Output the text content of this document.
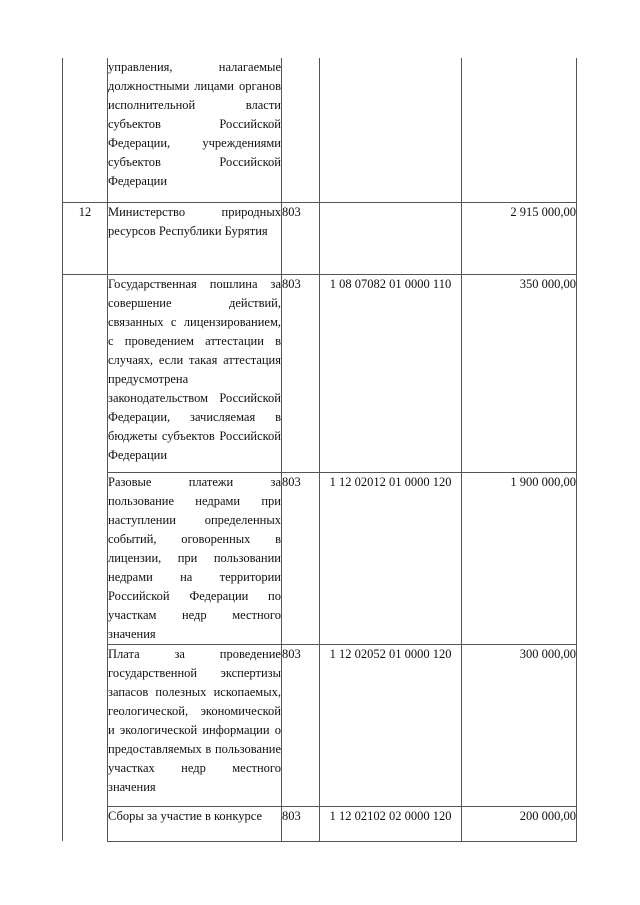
	управления, налагаемые должностными лицами органов исполнительной власти субъектов Российской Федерации, учреждениями субъектов Российской Федерации			
12	Министерство природных ресурсов Республики Бурятия	803		2 915 000,00
	Государственная пошлина за совершение действий, связанных с лицензированием, с проведением аттестации в случаях, если такая аттестация предусмотрена законодательством Российской Федерации, зачисляемая в бюджеты субъектов Российской Федерации	803	1 08 07082 01 0000 110	350 000,00
	Разовые платежи за пользование недрами при наступлении определенных событий, оговоренных в лицензии, при пользовании недрами на территории Российской Федерации по участкам недр местного значения	803	1 12 02012 01 0000 120	1 900 000,00
	Плата за проведение государственной экспертизы запасов полезных ископаемых, геологической, экономической и экологической информации о предоставляемых в пользование участках недр местного значения	803	1 12 02052 01 0000 120	300 000,00
	Сборы за участие в конкурсе	803	1 12 02102 02 0000 120	200 000,00
